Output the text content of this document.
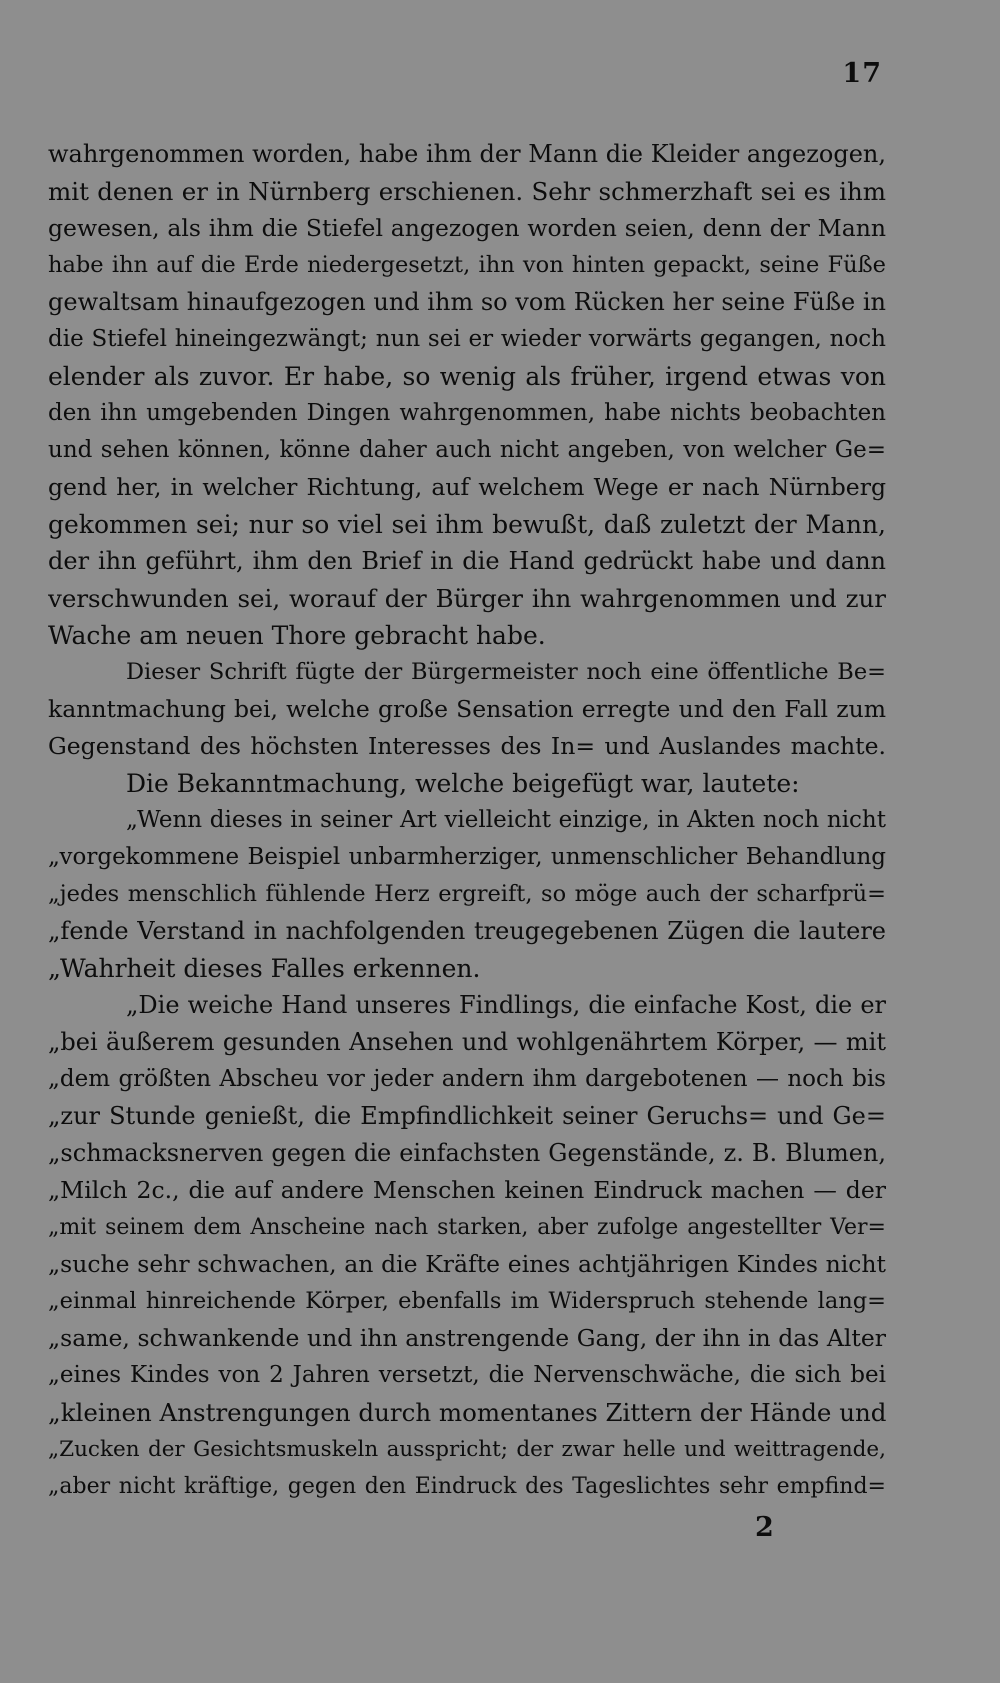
17
wahrgenommen worden, habe ihm der Mann die Kleider angezogen,
mit denen er in Nürnberg erschienen. Sehr schmerzhaft sei es ihm
gewesen, als ihm die Stiefel angezogen worden seien, denn der Mann
habe ihn auf die Erde niedergesetzt, ihn von hinten gepackt, seine Füße
gewaltsam hinaufgezogen und ihm so vom Rücken her seine Füße in
die Stiefel hineingezwängt; nun sei er wieder vorwärts gegangen, noch
elender als zuvor. Er habe, so wenig als früher, irgend etwas von
den ihn umgebenden Dingen wahrgenommen, habe nichts beobachten
und sehen können, könne daher auch nicht angeben, von welcher Ge=
gend her, in welcher Richtung, auf welchem Wege er nach Nürnberg
gekommen sei; nur so viel sei ihm bewußt, daß zuletzt der Mann,
der ihn geführt, ihm den Brief in die Hand gedrückt habe und dann
verschwunden sei, worauf der Bürger ihn wahrgenommen und zur
Wache am neuen Thore gebracht habe.
Dieser Schrift fügte der Bürgermeister noch eine öffentliche Be=
kanntmachung bei, welche große Sensation erregte und den Fall zum
Gegenstand des höchsten Interesses des In= und Auslandes machte.
Die Bekanntmachung, welche beigefügt war, lautete:
„Wenn dieses in seiner Art vielleicht einzige, in Akten noch nicht
„vorgekommene Beispiel unbarmherziger, unmenschlicher Behandlung
„jedes menschlich fühlende Herz ergreift, so möge auch der scharfprü=
„fende Verstand in nachfolgenden treugegebenen Zügen die lautere
„Wahrheit dieses Falles erkennen.
„Die weiche Hand unseres Findlings, die einfache Kost, die er
„bei äußerem gesunden Ansehen und wohlgenährtem Körper, — mit
„dem größten Abscheu vor jeder andern ihm dargebotenen — noch bis
„zur Stunde genießt, die Empfindlichkeit seiner Geruchs= und Ge=
„schmacksnerven gegen die einfachsten Gegenstände, z. B. Blumen,
„Milch 2c., die auf andere Menschen keinen Eindruck machen — der
„mit seinem dem Anscheine nach starken, aber zufolge angestellter Ver=
„suche sehr schwachen, an die Kräfte eines achtjährigen Kindes nicht
„einmal hinreichende Körper, ebenfalls im Widerspruch stehende lang=
„same, schwankende und ihn anstrengende Gang, der ihn in das Alter
„eines Kindes von 2 Jahren versetzt, die Nervenschwäche, die sich bei
„kleinen Anstrengungen durch momentanes Zittern der Hände und
„Zucken der Gesichtsmuskeln ausspricht; der zwar helle und weittragende,
„aber nicht kräftige, gegen den Eindruck des Tageslichtes sehr empfind=
2
